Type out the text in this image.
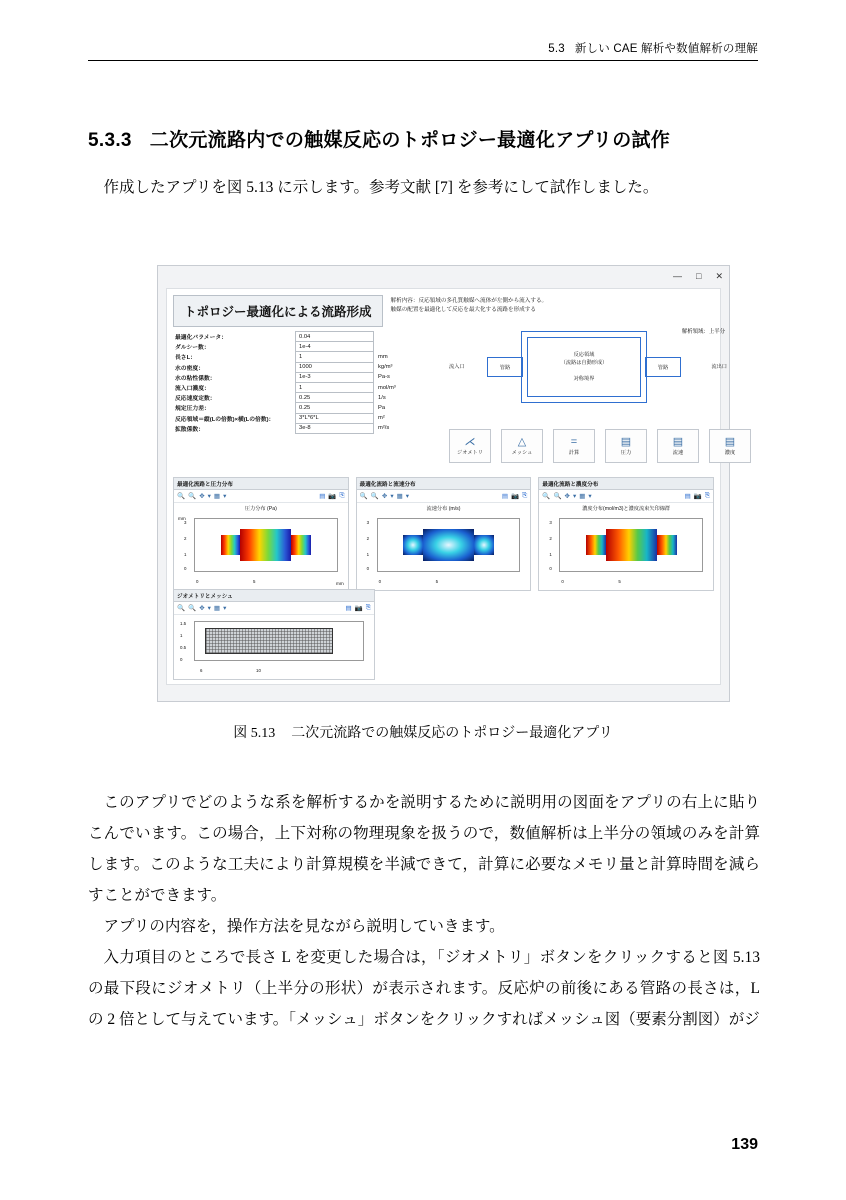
5.3 新しい CAE 解析や数値解析の理解
5.3.3 二次元流路内での触媒反応のトポロジー最適化アプリの試作

作成したアプリを図 5.13 に示します。参考文献 [7] を参考にして試作しました。

— □ ✕
トポロジー最適化による流路形成
解析内容：反応領域の多孔質触媒へ流体が左側から流入する。
触媒の配置を最適化して反応を最大化する流路を形成する
最適化パラメータ：	0.04	
ダルシー数：	1e-4	
長さL：	1	mm
水の密度：	1000	kg/m³
水の粘性係数：	1e-3	Pa-s
流入口濃度：	1	mol/m³
反応速度定数：	0.25	1/s
規定圧力差：	0.25	Pa
反応領域＝縦(Lの倍数)×横(Lの倍数)：	3*L*6*L	m²
拡散係数：	3e-8	m²/s
解析領域：上半分
流入口	流出口
管路	管路
反応領域
（流路は自動形成）
対称境界
⋌
ジオメトリ
△
メッシュ
=
計算
▤
圧力
▤
流速
▤
濃度
最適化流路と圧力分布
🔍 🔍 ✥ ▾ ▦ ▾	▤ 📷 ⎘
圧力分布 (Pa)
mm
3
2
1
0
0	5	mm
最適化流路と流速分布
🔍 🔍 ✥ ▾ ▦ ▾	▤ 📷 ⎘
流速分布 (m/s)
3
2
1
0
0	5
最適化流路と濃度分布
🔍 🔍 ✥ ▾ ▦ ▾	▤ 📷 ⎘
濃度分布(mol/m3)と濃度流束矢印線群
3
2
1
0
0	5
ジオメトリとメッシュ
🔍 🔍 ✥ ▾ ▦ ▾	▤ 📷 ⎘
1.5
1
0.5
0
6	10
図 5.13 二次元流路での触媒反応のトポロジー最適化アプリ

このアプリでどのような系を解析するかを説明するために説明用の図面をアプリの右上に貼りこんでいます。この場合，上下対称の物理現象を扱うので，数値解析は上半分の領域のみを計算します。このような工夫により計算規模を半減できて，計算に必要なメモリ量と計算時間を減らすことができます。

アプリの内容を，操作方法を見ながら説明していきます。

入力項目のところで長さ L を変更した場合は，「ジオメトリ」ボタンをクリックすると図 5.13 の最下段にジオメトリ（上半分の形状）が表示されます。反応炉の前後にある管路の長さは，L の 2 倍として与えています。「メッシュ」ボタンをクリックすればメッシュ図（要素分割図）がジ

139
